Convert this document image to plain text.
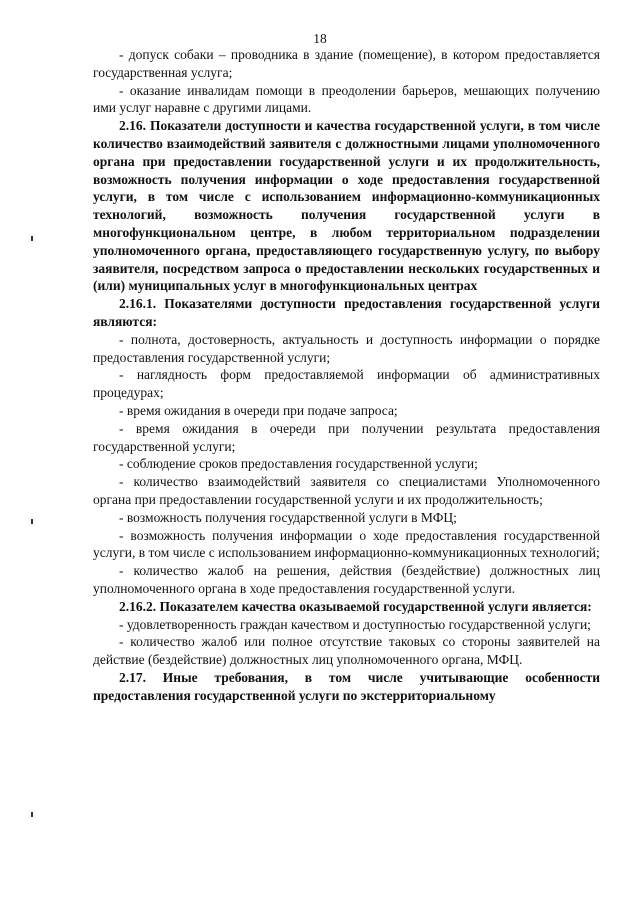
18

- допуск собаки – проводника в здание (помещение), в котором предоставляется государственная услуга;

- оказание инвалидам помощи в преодолении барьеров, мешающих получению ими услуг наравне с другими лицами.

2.16. Показатели доступности и качества государственной услуги, в том числе количество взаимодействий заявителя с должностными лицами уполномоченного органа при предоставлении государственной услуги и их продолжительность, возможность получения информации о ходе предоставления государственной услуги, в том числе с использованием информационно-коммуникационных технологий, возможность получения государственной услуги в многофункциональном центре, в любом территориальном подразделении уполномоченного органа, предоставляющего государственную услугу, по выбору заявителя, посредством запроса о предоставлении нескольких государственных и (или) муниципальных услуг в многофункциональных центрах

2.16.1. Показателями доступности предоставления государственной услуги являются:

- полнота, достоверность, актуальность и доступность информации о порядке предоставления государственной услуги;

- наглядность форм предоставляемой информации об административных процедурах;

- время ожидания в очереди при подаче запроса;

- время ожидания в очереди при получении результата предоставления государственной услуги;

- соблюдение сроков предоставления государственной услуги;

- количество взаимодействий заявителя со специалистами Уполномоченного органа при предоставлении государственной услуги и их продолжительность;

- возможность получения государственной услуги в МФЦ;

- возможность получения информации о ходе предоставления государственной услуги, в том числе с использованием информационно-коммуникационных технологий;

- количество жалоб на решения, действия (бездействие) должностных лиц уполномоченного органа в ходе предоставления государственной услуги.

2.16.2. Показателем качества оказываемой государственной услуги является:

- удовлетворенность граждан качеством и доступностью государственной услуги;

- количество жалоб или полное отсутствие таковых со стороны заявителей на действие (бездействие) должностных лиц уполномоченного органа, МФЦ.

2.17. Иные требования, в том числе учитывающие особенности предоставления государственной услуги по экстерриториальному
